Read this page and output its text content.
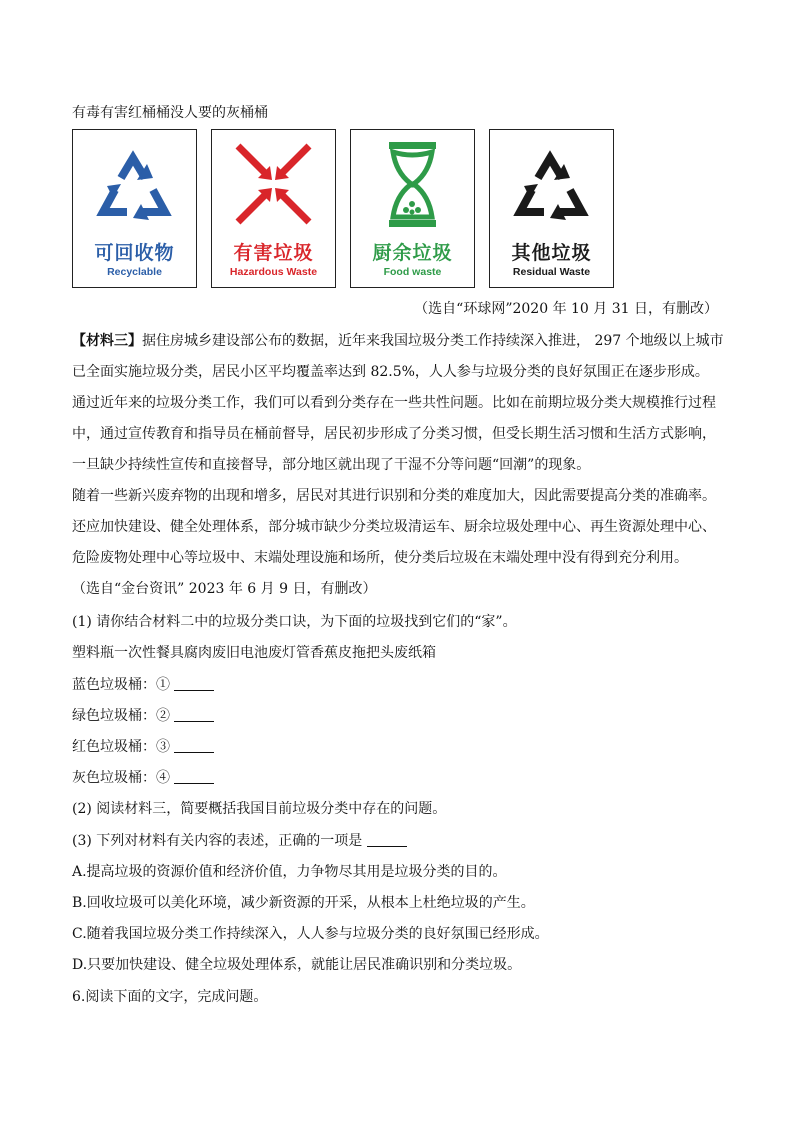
有毒有害红桶桶没人要的灰桶桶
可回收物
Recyclable
有害垃圾
Hazardous Waste
厨余垃圾
Food waste
其他垃圾
Residual Waste
（选自“环球网”2020 年 10 月 31 日，有删改）
【材料三】据住房城乡建设部公布的数据，近年来我国垃圾分类工作持续深入推进， 297 个地级以上城市
已全面实施垃圾分类，居民小区平均覆盖率达到 82.5%，人人参与垃圾分类的良好氛围正在逐步形成。
通过近年来的垃圾分类工作，我们可以看到分类存在一些共性问题。比如在前期垃圾分类大规模推行过程
中，通过宣传教育和指导员在桶前督导，居民初步形成了分类习惯，但受长期生活习惯和生活方式影响，
一旦缺少持续性宣传和直接督导，部分地区就出现了干湿不分等问题“回潮”的现象。
随着一些新兴废弃物的出现和增多，居民对其进行识别和分类的难度加大，因此需要提高分类的准确率。
还应加快建设、健全处理体系，部分城市缺少分类垃圾清运车、厨余垃圾处理中心、再生资源处理中心、
危险废物处理中心等垃圾中、末端处理设施和场所，使分类后垃圾在末端处理中没有得到充分利用。
（选自“金台资讯” 2023 年 6 月 9 日，有删改）
(1) 请你结合材料二中的垃圾分类口诀，为下面的垃圾找到它们的“家”。
塑料瓶一次性餐具腐肉废旧电池废灯管香蕉皮拖把头废纸箱
蓝色垃圾桶：①
绿色垃圾桶：②
红色垃圾桶：③
灰色垃圾桶：④
(2) 阅读材料三，简要概括我国目前垃圾分类中存在的问题。
(3) 下列对材料有关内容的表述，正确的一项是
A.提高垃圾的资源价值和经济价值，力争物尽其用是垃圾分类的目的。
B.回收垃圾可以美化环境，减少新资源的开采，从根本上杜绝垃圾的产生。
C.随着我国垃圾分类工作持续深入，人人参与垃圾分类的良好氛围已经形成。
D.只要加快建设、健全垃圾处理体系，就能让居民准确识别和分类垃圾。
6.阅读下面的文字，完成问题。
